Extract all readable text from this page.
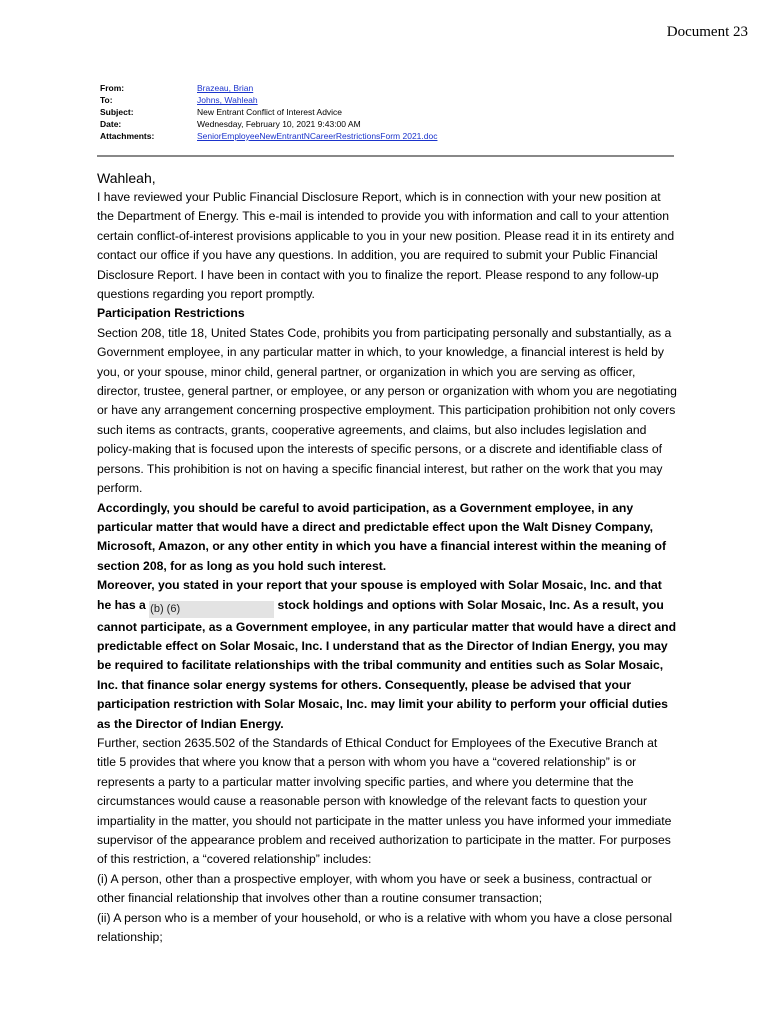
Document 23
From:	Brazeau, Brian
To:	Johns, Wahleah
Subject:	New Entrant Conflict of Interest Advice
Date:	Wednesday, February 10, 2021 9:43:00 AM
Attachments:	SeniorEmployeeNewEntrantNCareerRestrictionsForm 2021.doc

Wahleah,

I have reviewed your Public Financial Disclosure Report, which is in connection with your new position at the Department of Energy. This e-mail is intended to provide you with information and call to your attention certain conflict-of-interest provisions applicable to you in your new position. Please read it in its entirety and contact our office if you have any questions. In addition, you are required to submit your Public Financial Disclosure Report. I have been in contact with you to finalize the report. Please respond to any follow-up questions regarding you report promptly.

Participation Restrictions

Section 208, title 18, United States Code, prohibits you from participating personally and substantially, as a Government employee, in any particular matter in which, to your knowledge, a financial interest is held by you, or your spouse, minor child, general partner, or organization in which you are serving as officer, director, trustee, general partner, or employee, or any person or organization with whom you are negotiating or have any arrangement concerning prospective employment. This participation prohibition not only covers such items as contracts, grants, cooperative agreements, and claims, but also includes legislation and policy-making that is focused upon the interests of specific persons, or a discrete and identifiable class of persons. This prohibition is not on having a specific financial interest, but rather on the work that you may perform.

Accordingly, you should be careful to avoid participation, as a Government employee, in any particular matter that would have a direct and predictable effect upon the Walt Disney Company, Microsoft, Amazon, or any other entity in which you have a financial interest within the meaning of section 208, for as long as you hold such interest.

Moreover, you stated in your report that your spouse is employed with Solar Mosaic, Inc. and that he has a (b) (6)	stock holdings and options with Solar Mosaic, Inc. As a result, you cannot participate, as a Government employee, in any particular matter that would have a direct and predictable effect on Solar Mosaic, Inc. I understand that as the Director of Indian Energy, you may be required to facilitate relationships with the tribal community and entities such as Solar Mosaic, Inc. that finance solar energy systems for others. Consequently, please be advised that your participation restriction with Solar Mosaic, Inc. may limit your ability to perform your official duties as the Director of Indian Energy.

Further, section 2635.502 of the Standards of Ethical Conduct for Employees of the Executive Branch at title 5 provides that where you know that a person with whom you have a “covered relationship” is or represents a party to a particular matter involving specific parties, and where you determine that the circumstances would cause a reasonable person with knowledge of the relevant facts to question your impartiality in the matter, you should not participate in the matter unless you have informed your immediate supervisor of the appearance problem and received authorization to participate in the matter. For purposes of this restriction, a “covered relationship” includes:

(i) A person, other than a prospective employer, with whom you have or seek a business, contractual or other financial relationship that involves other than a routine consumer transaction;

(ii) A person who is a member of your household, or who is a relative with whom you have a close personal relationship;
